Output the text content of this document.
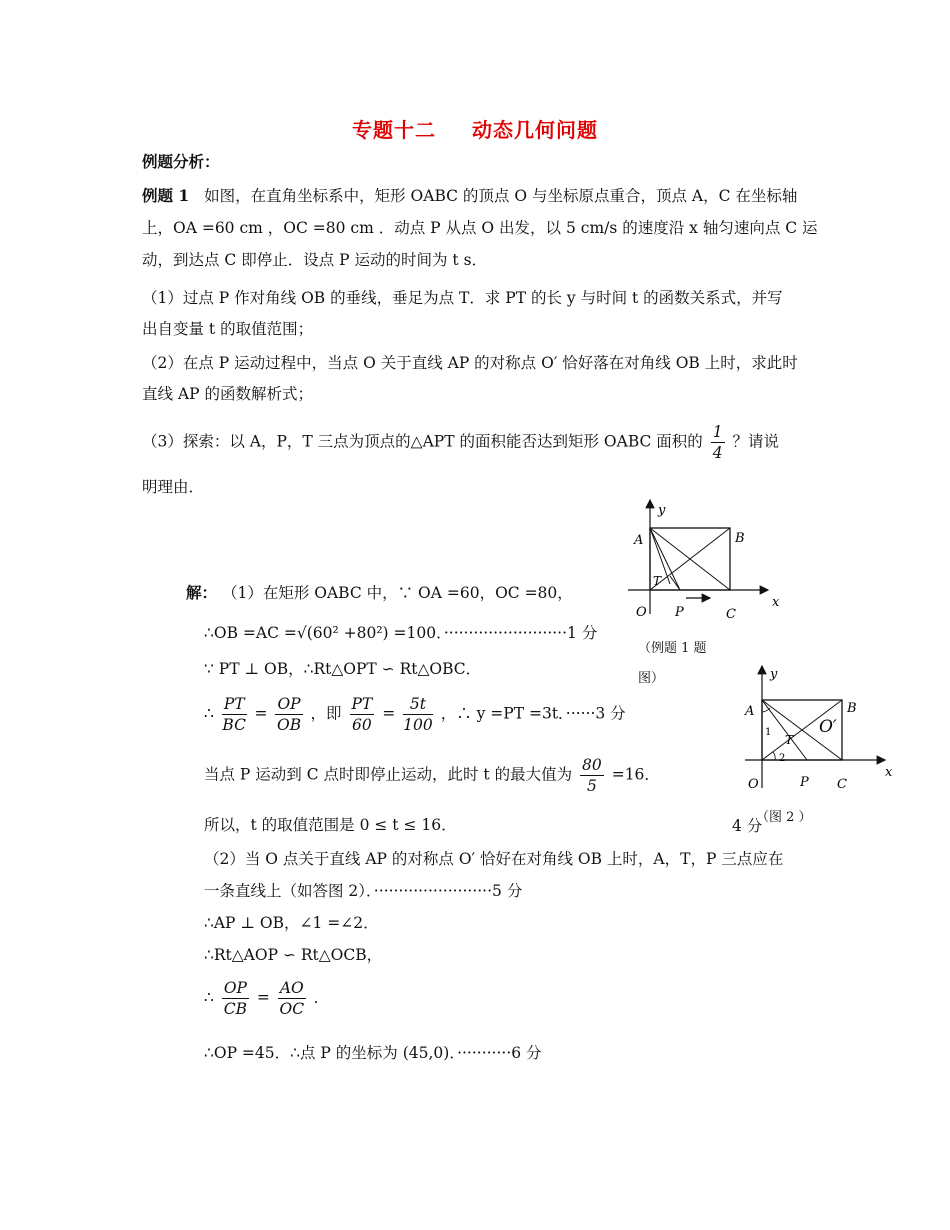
专题十二 动态几何问题
例题分析：
例题 1 如图，在直角坐标系中，矩形 OABC 的顶点 O 与坐标原点重合，顶点 A，C 在坐标轴
上，OA =60 cm ，OC =80 cm ．动点 P 从点 O 出发，以 5 cm/s 的速度沿 x 轴匀速向点 C 运
动，到达点 C 即停止．设点 P 运动的时间为 t s．
（1）过点 P 作对角线 OB 的垂线，垂足为点 T．求 PT 的长 y 与时间 t 的函数关系式，并写
出自变量 t 的取值范围；
（2）在点 P 运动过程中，当点 O 关于直线 AP 的对称点 O′ 恰好落在对角线 OB 上时，求此时
直线 AP 的函数解析式；
（3）探索：以 A，P，T 三点为顶点的△APT 的面积能否达到矩形 OABC 面积的 $\frac{1}{4}$ ？请说
明理由．
y
x
A	B
O P	C
T
（例题 1 题
图）	y
x
A	B
O	P C
T
O′
1
2
（图 2 ）
解： （1）在矩形 OABC 中，∵ OA =60，OC =80，
∴OB =AC =√(60² +80²) =100．·························1 分
∵ PT ⊥ OB，∴Rt△OPT ∽ Rt△OBC．
∴ $\frac{PT}{BC} = \frac{OP}{OB}$ ，即 $\frac{PT}{60} = \frac{5t}{100}$ ，∴ y =PT =3t．······3 分
当点 P 运动到 C 点时即停止运动，此时 t 的最大值为 $\frac{80}{5} =16$．
所以，t 的取值范围是 0 ≤ t ≤ 16．	4 分
（2）当 O 点关于直线 AP 的对称点 O′ 恰好在对角线 OB 上时，A，T，P 三点应在
一条直线上（如答图 2）．························5 分
∴AP ⊥ OB，∠1 =∠2．
∴Rt△AOP ∽ Rt△OCB，
∴ $\frac{OP}{CB} = \frac{AO}{OC}$ ．
∴OP =45．∴点 P 的坐标为 (45,0)．···········6 分
